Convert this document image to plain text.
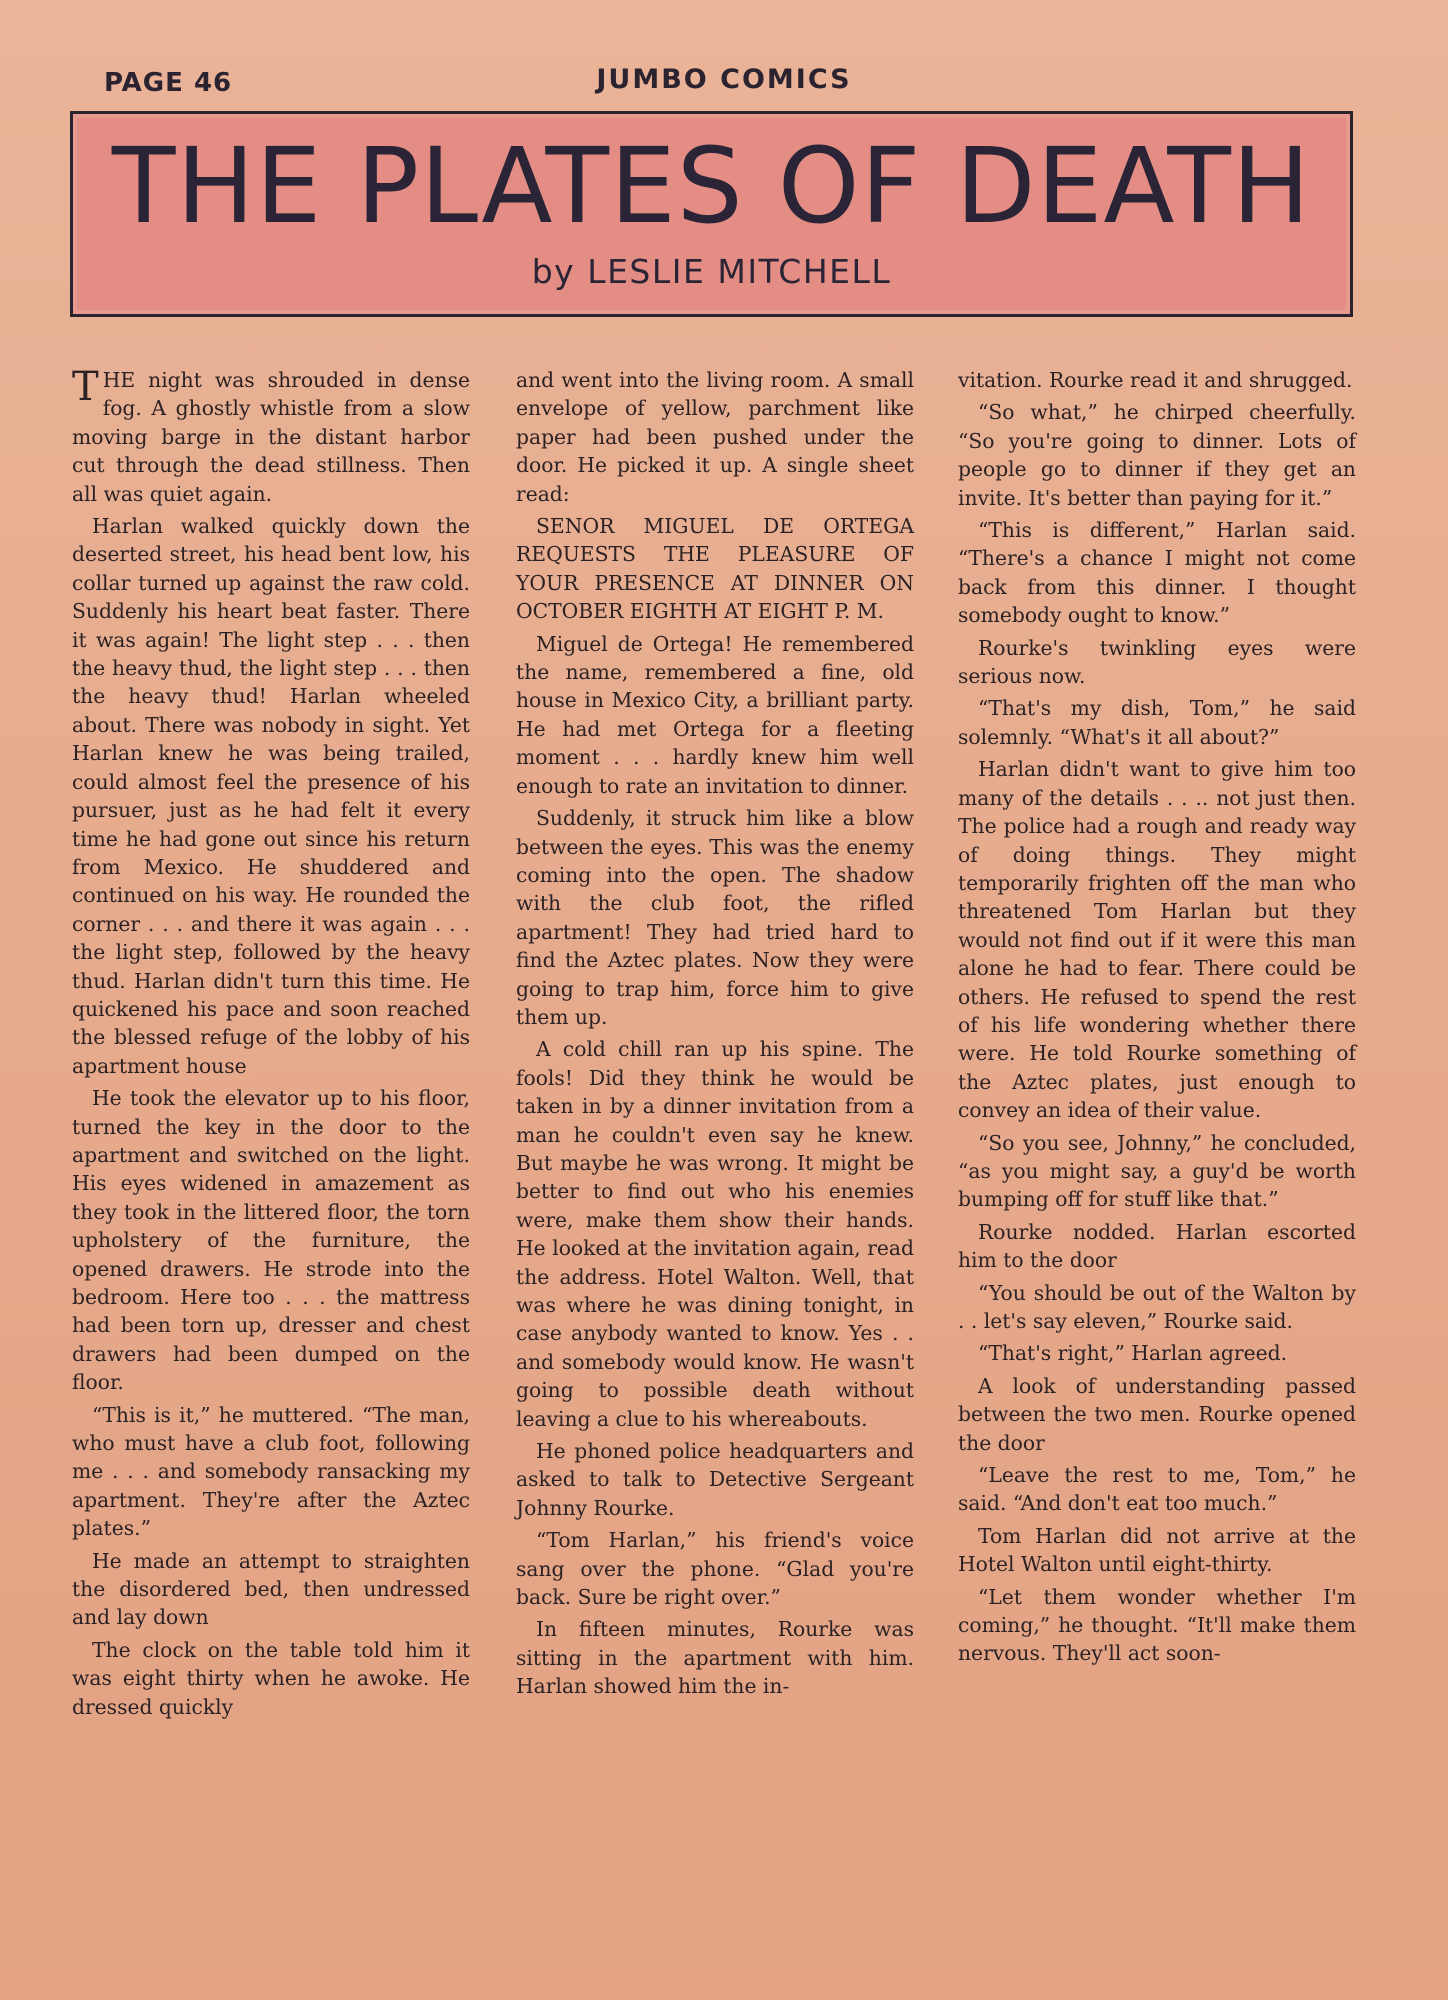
PAGE 46	JUMBO COMICS
THE PLATES OF DEATH
by LESLIE MITCHELL

THE night was shrouded in dense fog. A ghostly whistle from a slow moving barge in the distant harbor cut through the dead stillness. Then all was quiet again.

Harlan walked quickly down the deserted street, his head bent low, his collar turned up against the raw cold. Suddenly his heart beat faster. There it was again! The light step . . . then the heavy thud, the light step . . . then the heavy thud! Harlan wheeled about. There was nobody in sight. Yet Harlan knew he was being trailed, could almost feel the presence of his pursuer, just as he had felt it every time he had gone out since his return from Mexico. He shuddered and continued on his way. He rounded the corner . . . and there it was again . . . the light step, followed by the heavy thud. Harlan didn't turn this time. He quickened his pace and soon reached the blessed refuge of the lobby of his apartment house

He took the elevator up to his floor, turned the key in the door to the apartment and switched on the light. His eyes widened in amazement as they took in the littered floor, the torn upholstery of the furniture, the opened drawers. He strode into the bedroom. Here too . . . the mattress had been torn up, dresser and chest drawers had been dumped on the floor.

“This is it,” he muttered. “The man, who must have a club foot, following me . . . and somebody ransacking my apartment. They're after the Aztec plates.”

He made an attempt to straighten the disordered bed, then undressed and lay down

The clock on the table told him it was eight thirty when he awoke. He dressed quickly

and went into the living room. A small envelope of yellow, parchment like paper had been pushed under the door. He picked it up. A single sheet read:

SENOR MIGUEL DE ORTEGA REQUESTS THE PLEASURE OF YOUR PRESENCE AT DINNER ON OCTOBER EIGHTH AT EIGHT P. M.

Miguel de Ortega! He remembered the name, remembered a fine, old house in Mexico City, a brilliant party. He had met Ortega for a fleeting moment . . . hardly knew him well enough to rate an invitation to dinner.

Suddenly, it struck him like a blow between the eyes. This was the enemy coming into the open. The shadow with the club foot, the rifled apartment! They had tried hard to find the Aztec plates. Now they were going to trap him, force him to give them up.

A cold chill ran up his spine. The fools! Did they think he would be taken in by a dinner invitation from a man he couldn't even say he knew. But maybe he was wrong. It might be better to find out who his enemies were, make them show their hands. He looked at the invitation again, read the address. Hotel Walton. Well, that was where he was dining tonight, in case anybody wanted to know. Yes . . and somebody would know. He wasn't going to possible death without leaving a clue to his whereabouts.

He phoned police headquarters and asked to talk to Detective Sergeant Johnny Rourke.

“Tom Harlan,” his friend's voice sang over the phone. “Glad you're back. Sure be right over.”

In fifteen minutes, Rourke was sitting in the apartment with him. Harlan showed him the in-

vitation. Rourke read it and shrugged.

“So what,” he chirped cheerfully. “So you're going to dinner. Lots of people go to dinner if they get an invite. It's better than paying for it.”

“This is different,” Harlan said. “There's a chance I might not come back from this dinner. I thought somebody ought to know.”

Rourke's twinkling eyes were serious now.

“That's my dish, Tom,” he said solemnly. “What's it all about?”

Harlan didn't want to give him too many of the details . . .. not just then. The police had a rough and ready way of doing things. They might temporarily frighten off the man who threatened Tom Harlan but they would not find out if it were this man alone he had to fear. There could be others. He refused to spend the rest of his life wondering whether there were. He told Rourke something of the Aztec plates, just enough to convey an idea of their value.

“So you see, Johnny,” he concluded, “as you might say, a guy'd be worth bumping off for stuff like that.”

Rourke nodded. Harlan escorted him to the door

“You should be out of the Walton by . . let's say eleven,” Rourke said.

“That's right,” Harlan agreed.

A look of understanding passed between the two men. Rourke opened the door

“Leave the rest to me, Tom,” he said. “And don't eat too much.”

Tom Harlan did not arrive at the Hotel Walton until eight-thirty.

“Let them wonder whether I'm coming,” he thought. “It'll make them nervous. They'll act soon-
